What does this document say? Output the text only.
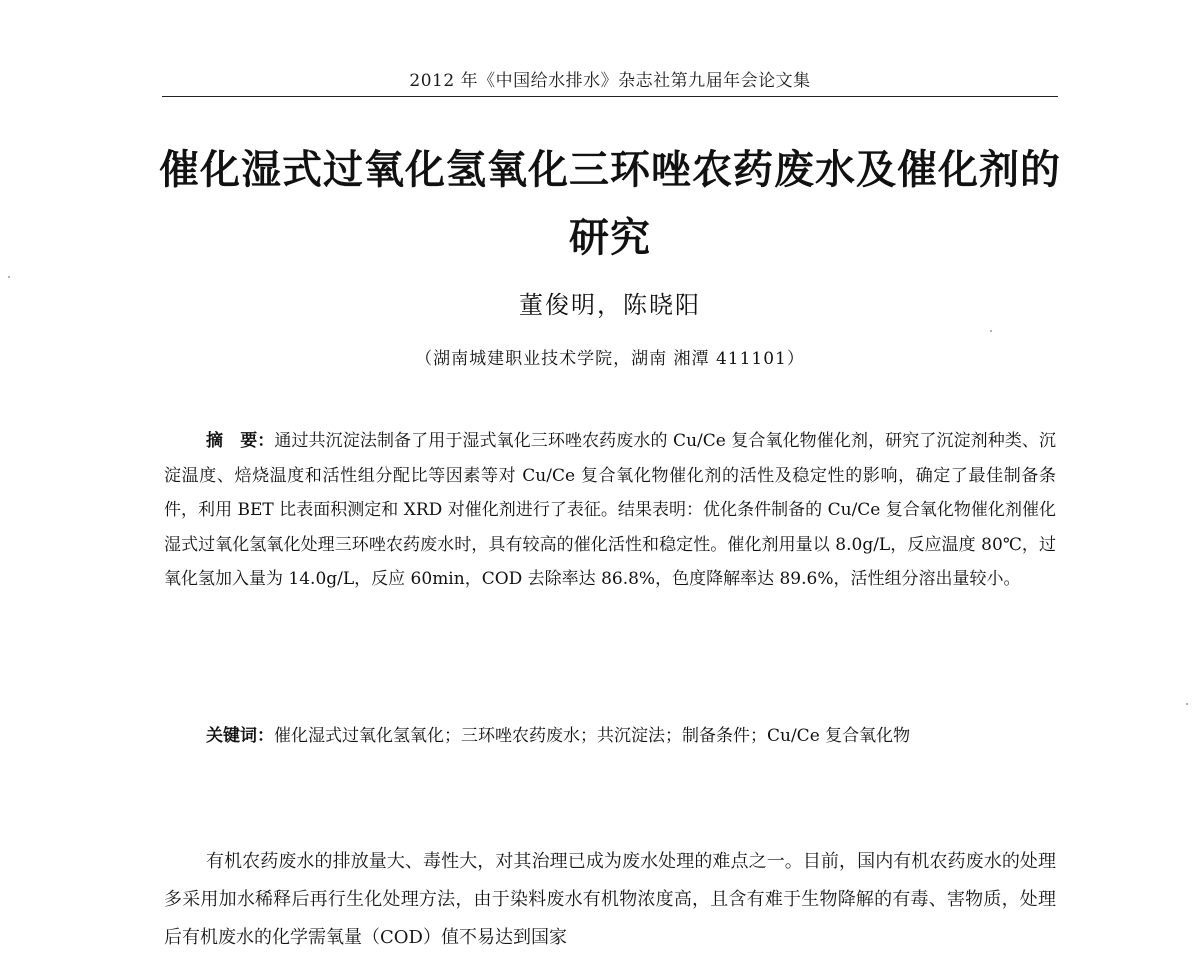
2012 年《中国给水排水》杂志社第九届年会论文集
催化湿式过氧化氢氧化三环唑农药废水及催化剂的研究
董俊明，陈晓阳
（湖南城建职业技术学院，湖南 湘潭 411101）

摘　要：通过共沉淀法制备了用于湿式氧化三环唑农药废水的 Cu/Ce 复合氧化物催化剂，研究了沉淀剂种类、沉淀温度、焙烧温度和活性组分配比等因素等对 Cu/Ce 复合氧化物催化剂的活性及稳定性的影响，确定了最佳制备条件，利用 BET 比表面积测定和 XRD 对催化剂进行了表征。结果表明：优化条件制备的 Cu/Ce 复合氧化物催化剂催化湿式过氧化氢氧化处理三环唑农药废水时，具有较高的催化活性和稳定性。催化剂用量以 8.0g/L，反应温度 80℃，过氧化氢加入量为 14.0g/L，反应 60min，COD 去除率达 86.8%，色度降解率达 89.6%，活性组分溶出量较小。

关键词：催化湿式过氧化氢氧化；三环唑农药废水；共沉淀法；制备条件；Cu/Ce 复合氧化物

有机农药废水的排放量大、毒性大，对其治理已成为废水处理的难点之一。目前，国内有机农药废水的处理多采用加水稀释后再行生化处理方法，由于染料废水有机物浓度高，且含有难于生物降解的有毒、害物质，处理后有机废水的化学需氧量（COD）值不易达到国家
